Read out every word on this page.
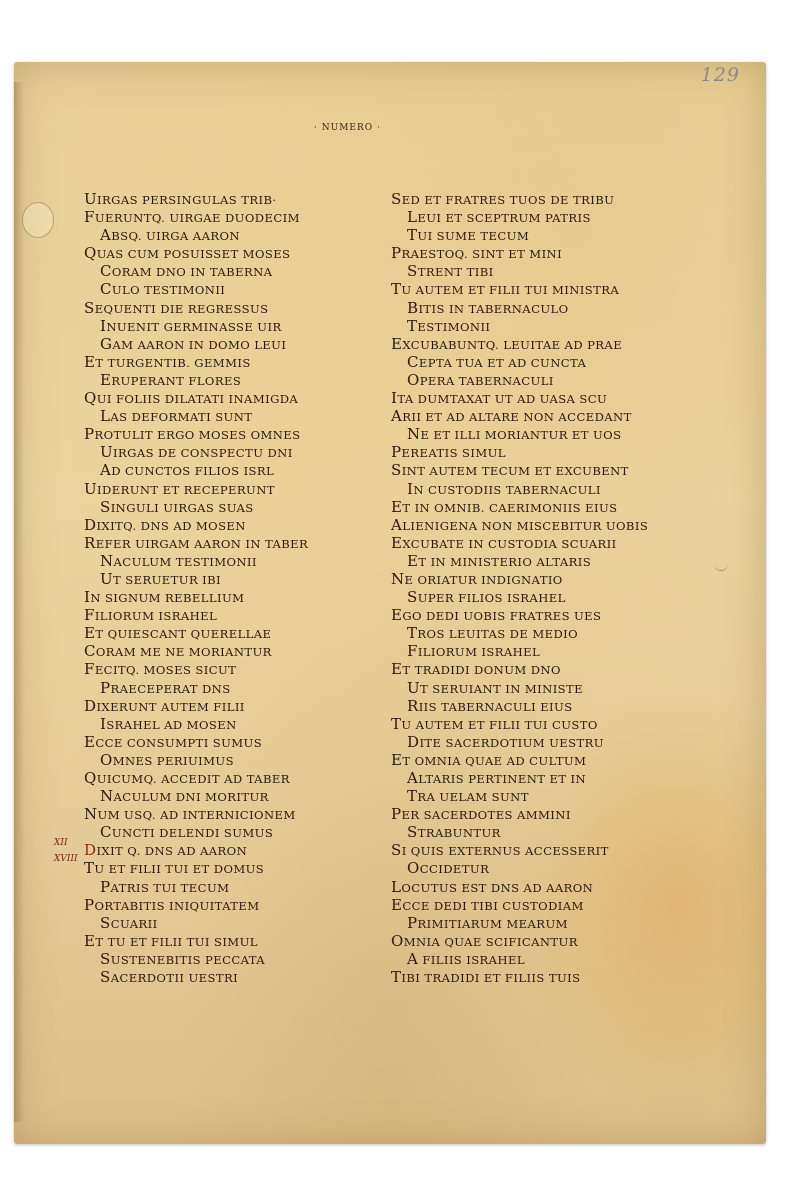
129
· NUMERO ·
UIRGAS PERSINGULAS TRIB·
FUERUNTQ. UIRGAE DUODECIM
ABSQ. UIRGA AARON
QUAS CUM POSUISSET MOSES
CORAM DNO IN TABERNA
CULO TESTIMONII
SEQUENTI DIE REGRESSUS
INUENIT GERMINASSE UIR
GAM AARON IN DOMO LEUI
ET TURGENTIB. GEMMIS
ERUPERANT FLORES
QUI FOLIIS DILATATI INAMIGDA
LAS DEFORMATI SUNT
PROTULIT ERGO MOSES OMNES
UIRGAS DE CONSPECTU DNI
AD CUNCTOS FILIOS ISRL
UIDERUNT ET RECEPERUNT
SINGULI UIRGAS SUAS
DIXITQ. DNS AD MOSEN
REFER UIRGAM AARON IN TABER
NACULUM TESTIMONII
UT SERUETUR IBI
IN SIGNUM REBELLIUM
FILIORUM ISRAHEL
ET QUIESCANT QUERELLAE
CORAM ME NE MORIANTUR
FECITQ. MOSES SICUT
PRAECEPERAT DNS
DIXERUNT AUTEM FILII
ISRAHEL AD MOSEN
ECCE CONSUMPTI SUMUS
OMNES PERIUIMUS
QUICUMQ. ACCEDIT AD TABER
NACULUM DNI MORITUR
NUM USQ. AD INTERNICIONEM
CUNCTI DELENDI SUMUS
DIXIT Q. DNS AD AARON
TU ET FILII TUI ET DOMUS
PATRIS TUI TECUM
PORTABITIS INIQUITATEM
SCUARII
ET TU ET FILII TUI SIMUL
SUSTENEBITIS PECCATA
SACERDOTII UESTRI
SED ET FRATRES TUOS DE TRIBU
LEUI ET SCEPTRUM PATRIS
TUI SUME TECUM
PRAESTOQ. SINT ET MINI
STRENT TIBI
TU AUTEM ET FILII TUI MINISTRA
BITIS IN TABERNACULO
TESTIMONII
EXCUBABUNTQ. LEUITAE AD PRAE
CEPTA TUA ET AD CUNCTA
OPERA TABERNACULI
ITA DUMTAXAT UT AD UASA SCU
ARII ET AD ALTARE NON ACCEDANT
NE ET ILLI MORIANTUR ET UOS
PEREATIS SIMUL
SINT AUTEM TECUM ET EXCUBENT
IN CUSTODIIS TABERNACULI
ET IN OMNIB. CAERIMONIIS EIUS
ALIENIGENA NON MISCEBITUR UOBIS
EXCUBATE IN CUSTODIA SCUARII
ET IN MINISTERIO ALTARIS
NE ORIATUR INDIGNATIO
SUPER FILIOS ISRAHEL
EGO DEDI UOBIS FRATRES UES
TROS LEUITAS DE MEDIO
FILIORUM ISRAHEL
ET TRADIDI DONUM DNO
UT SERUIANT IN MINISTE
RIIS TABERNACULI EIUS
TU AUTEM ET FILII TUI CUSTO
DITE SACERDOTIUM UESTRU
ET OMNIA QUAE AD CULTUM
ALTARIS PERTINENT ET IN
TRA UELAM SUNT
PER SACERDOTES AMMINI
STRABUNTUR
SI QUIS EXTERNUS ACCESSERIT
OCCIDETUR
LOCUTUS EST DNS AD AARON
ECCE DEDI TIBI CUSTODIAM
PRIMITIARUM MEARUM
OMNIA QUAE SCIFICANTUR
A FILIIS ISRAHEL
TIBI TRADIDI ET FILIIS TUIS
XII
XVIII
